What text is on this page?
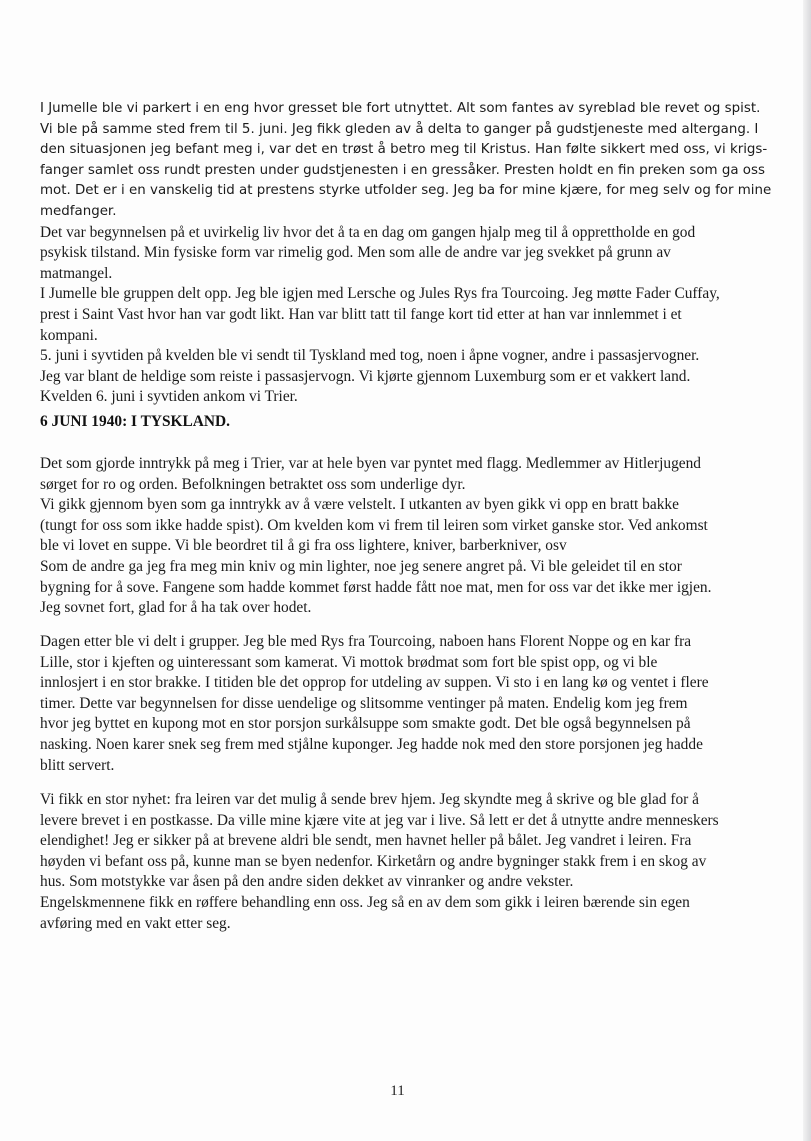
I Jumelle ble vi parkert i en eng hvor gresset ble fort utnyttet. Alt som fantes av syreblad ble revet og spist.
Vi ble på samme sted frem til 5. juni. Jeg fikk gleden av å delta to ganger på gudstjeneste med altergang. I
den situasjonen jeg befant meg i, var det en trøst å betro meg til Kristus. Han følte sikkert med oss, vi krigs-
fanger samlet oss rundt presten under gudstjenesten i en gressåker. Presten holdt en fin preken som ga oss
mot. Det er i en vanskelig tid at prestens styrke utfolder seg. Jeg ba for mine kjære, for meg selv og for mine
medfanger.

Det var begynnelsen på et uvirkelig liv hvor det å ta en dag om gangen hjalp meg til å opprettholde en god
psykisk tilstand. Min fysiske form var rimelig god. Men som alle de andre var jeg svekket på grunn av
matmangel.
I Jumelle ble gruppen delt opp. Jeg ble igjen med Lersche og Jules Rys fra Tourcoing. Jeg møtte Fader Cuffay,
prest i Saint Vast hvor han var godt likt. Han var blitt tatt til fange kort tid etter at han var innlemmet i et
kompani.
5. juni i syvtiden på kvelden ble vi sendt til Tyskland med tog, noen i åpne vogner, andre i passasjervogner.
Jeg var blant de heldige som reiste i passasjervogn. Vi kjørte gjennom Luxemburg som er et vakkert land.
Kvelden 6. juni i syvtiden ankom vi Trier.

6 JUNI 1940: I TYSKLAND.

Det som gjorde inntrykk på meg i Trier, var at hele byen var pyntet med flagg. Medlemmer av Hitlerjugend
sørget for ro og orden. Befolkningen betraktet oss som underlige dyr.
Vi gikk gjennom byen som ga inntrykk av å være velstelt. I utkanten av byen gikk vi opp en bratt bakke
(tungt for oss som ikke hadde spist). Om kvelden kom vi frem til leiren som virket ganske stor. Ved ankomst
ble vi lovet en suppe. Vi ble beordret til å gi fra oss lightere, kniver, barberkniver, osv
Som de andre ga jeg fra meg min kniv og min lighter, noe jeg senere angret på. Vi ble geleidet til en stor
bygning for å sove. Fangene som hadde kommet først hadde fått noe mat, men for oss var det ikke mer igjen.
Jeg sovnet fort, glad for å ha tak over hodet.

Dagen etter ble vi delt i grupper. Jeg ble med Rys fra Tourcoing, naboen hans Florent Noppe og en kar fra
Lille, stor i kjeften og uinteressant som kamerat. Vi mottok brødmat som fort ble spist opp, og vi ble
innlosjert i en stor brakke. I titiden ble det opprop for utdeling av suppen. Vi sto i en lang kø og ventet i flere
timer. Dette var begynnelsen for disse uendelige og slitsomme ventinger på maten. Endelig kom jeg frem
hvor jeg byttet en kupong mot en stor porsjon surkålsuppe som smakte godt. Det ble også begynnelsen på
nasking. Noen karer snek seg frem med stjålne kuponger. Jeg hadde nok med den store porsjonen jeg hadde
blitt servert.

Vi fikk en stor nyhet: fra leiren var det mulig å sende brev hjem. Jeg skyndte meg å skrive og ble glad for å
levere brevet i en postkasse. Da ville mine kjære vite at jeg var i live. Så lett er det å utnytte andre menneskers
elendighet! Jeg er sikker på at brevene aldri ble sendt, men havnet heller på bålet. Jeg vandret i leiren. Fra
høyden vi befant oss på, kunne man se byen nedenfor. Kirketårn og andre bygninger stakk frem i en skog av
hus. Som motstykke var åsen på den andre siden dekket av vinranker og andre vekster.
Engelskmennene fikk en røffere behandling enn oss. Jeg så en av dem som gikk i leiren bærende sin egen
avføring med en vakt etter seg.

11
